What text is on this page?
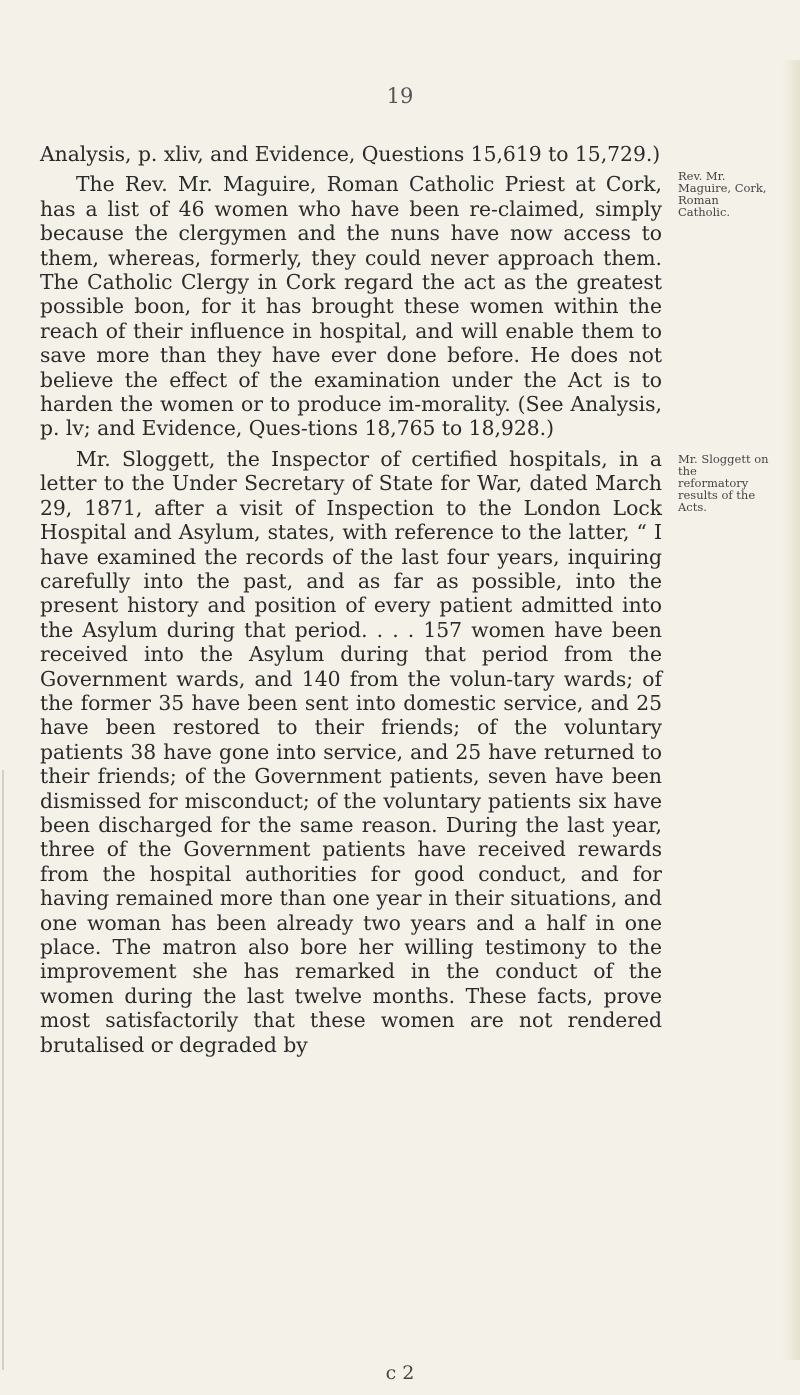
19

Analysis, p. xliv, and Evidence, Questions 15,619 to 15,729.)

The Rev. Mr. Maguire, Roman Catholic Priest at Cork, has a list of 46 women who have been re-claimed, simply because the clergymen and the nuns have now access to them, whereas, formerly, they could never approach them. The Catholic Clergy in Cork regard the act as the greatest possible boon, for it has brought these women within the reach of their influence in hospital, and will enable them to save more than they have ever done before. He does not believe the effect of the examination under the Act is to harden the women or to produce im-morality. (See Analysis, p. lv; and Evidence, Ques-tions 18,765 to 18,928.)

Mr. Sloggett, the Inspector of certified hospitals, in a letter to the Under Secretary of State for War, dated March 29, 1871, after a visit of Inspection to the London Lock Hospital and Asylum, states, with reference to the latter, “ I have examined the records of the last four years, inquiring carefully into the past, and as far as possible, into the present history and position of every patient admitted into the Asylum during that period. . . . 157 women have been received into the Asylum during that period from the Government wards, and 140 from the volun-tary wards; of the former 35 have been sent into domestic service, and 25 have been restored to their friends; of the voluntary patients 38 have gone into service, and 25 have returned to their friends; of the Government patients, seven have been dismissed for misconduct; of the voluntary patients six have been discharged for the same reason. During the last year, three of the Government patients have received rewards from the hospital authorities for good conduct, and for having remained more than one year in their situations, and one woman has been already two years and a half in one place. The matron also bore her willing testimony to the improvement she has remarked in the conduct of the women during the last twelve months. These facts, prove most satisfactorily that these women are not rendered brutalised or degraded by

Rev. Mr. Maguire, Cork, Roman Catholic.
Mr. Sloggett on the reformatory results of the Acts.
c 2
